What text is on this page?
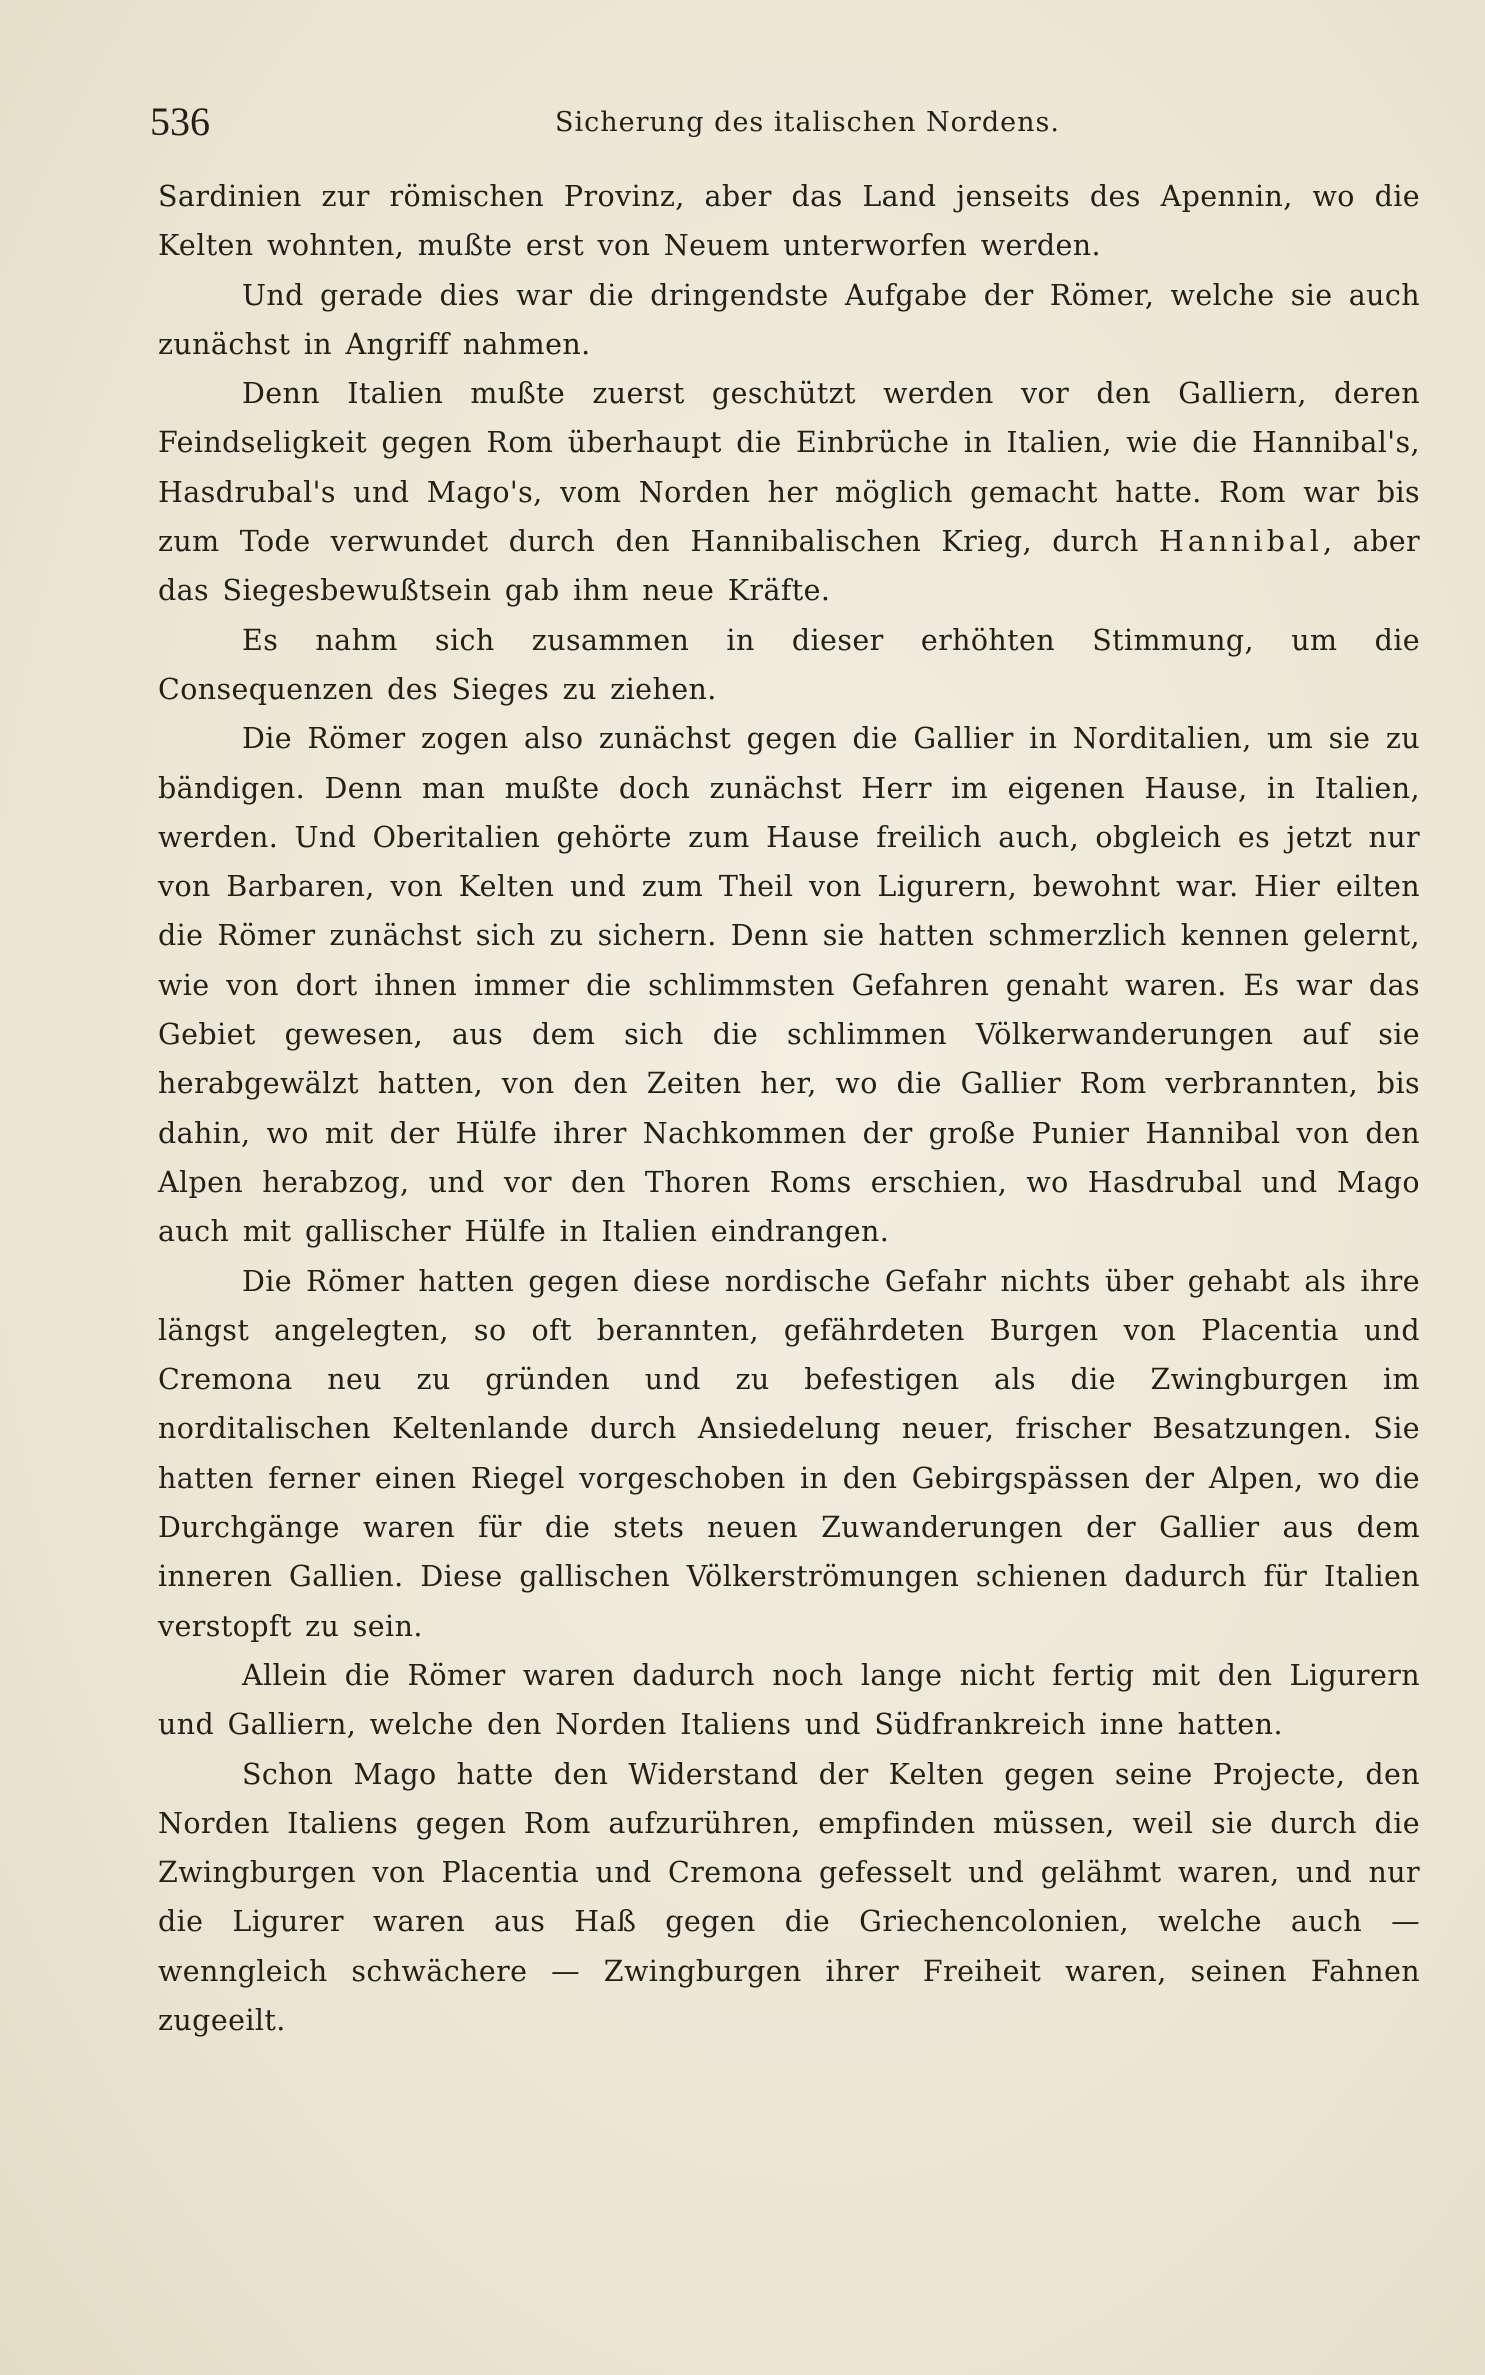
536	Sicherung des italischen Nordens.

Sardinien zur römischen Provinz, aber das Land jenseits des Apennin, wo die Kelten wohnten, mußte erst von Neuem unterworfen werden.

Und gerade dies war die dringendste Aufgabe der Römer, welche sie auch zunächst in Angriff nahmen.

Denn Italien mußte zuerst geschützt werden vor den Galliern, deren Feindseligkeit gegen Rom überhaupt die Einbrüche in Italien, wie die Hannibal's, Hasdrubal's und Mago's, vom Norden her möglich gemacht hatte. Rom war bis zum Tode verwundet durch den Hannibalischen Krieg, durch Hannibal, aber das Siegesbewußtsein gab ihm neue Kräfte.

Es nahm sich zusammen in dieser erhöhten Stimmung, um die Consequenzen des Sieges zu ziehen.

Die Römer zogen also zunächst gegen die Gallier in Norditalien, um sie zu bändigen. Denn man mußte doch zunächst Herr im eigenen Hause, in Italien, werden. Und Oberitalien gehörte zum Hause freilich auch, obgleich es jetzt nur von Barbaren, von Kelten und zum Theil von Ligurern, bewohnt war. Hier eilten die Römer zunächst sich zu sichern. Denn sie hatten schmerzlich kennen gelernt, wie von dort ihnen immer die schlimmsten Gefahren genaht waren. Es war das Gebiet gewesen, aus dem sich die schlimmen Völkerwanderungen auf sie herabgewälzt hatten, von den Zeiten her, wo die Gallier Rom verbrannten, bis dahin, wo mit der Hülfe ihrer Nachkommen der große Punier Hannibal von den Alpen herabzog, und vor den Thoren Roms erschien, wo Hasdrubal und Mago auch mit gallischer Hülfe in Italien eindrangen.

Die Römer hatten gegen diese nordische Gefahr nichts über gehabt als ihre längst angelegten, so oft berannten, gefährdeten Burgen von Placentia und Cremona neu zu gründen und zu befestigen als die Zwingburgen im norditalischen Keltenlande durch Ansiedelung neuer, frischer Besatzungen. Sie hatten ferner einen Riegel vorgeschoben in den Gebirgspässen der Alpen, wo die Durchgänge waren für die stets neuen Zuwanderungen der Gallier aus dem inneren Gallien. Diese gallischen Völkerströmungen schienen dadurch für Italien verstopft zu sein.

Allein die Römer waren dadurch noch lange nicht fertig mit den Ligurern und Galliern, welche den Norden Italiens und Südfrankreich inne hatten.

Schon Mago hatte den Widerstand der Kelten gegen seine Projecte, den Norden Italiens gegen Rom aufzurühren, empfinden müssen, weil sie durch die Zwingburgen von Placentia und Cremona gefesselt und gelähmt waren, und nur die Ligurer waren aus Haß gegen die Griechencolonien, welche auch — wenngleich schwächere — Zwingburgen ihrer Freiheit waren, seinen Fahnen zugeeilt.
